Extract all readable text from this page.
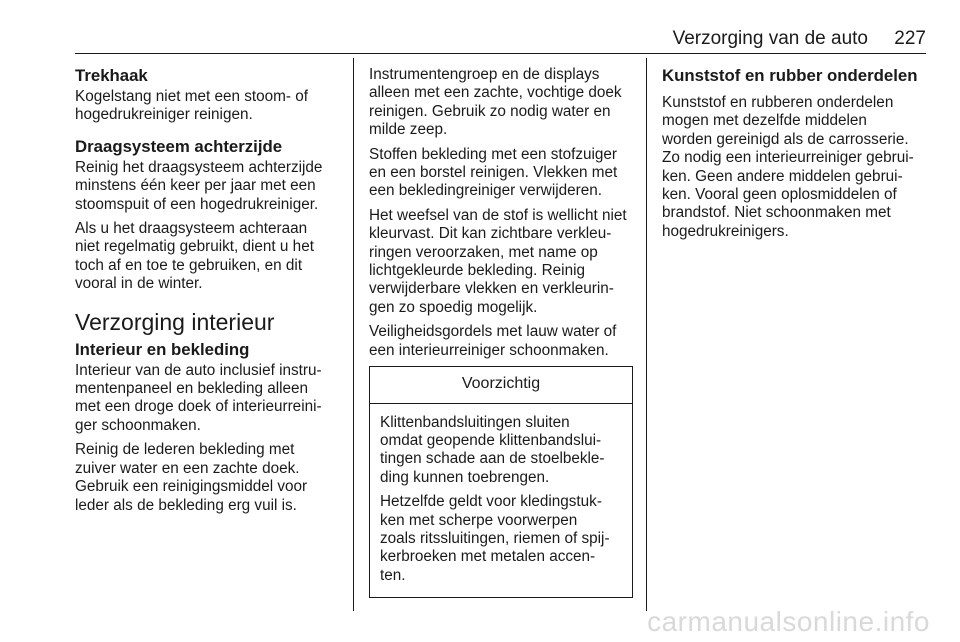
Verzorging van de auto 227
Trekhaak

Kogelstang niet met een stoom- of
hogedrukreiniger reinigen.

Draagsysteem achterzijde

Reinig het draagsysteem achterzijde
minstens één keer per jaar met een
stoomspuit of een hogedrukreiniger.

Als u het draagsysteem achteraan
niet regelmatig gebruikt, dient u het
toch af en toe te gebruiken, en dit
vooral in de winter.

Verzorging interieur
Interieur en bekleding

Interieur van de auto inclusief instru-
mentenpaneel en bekleding alleen
met een droge doek of interieurreini-
ger schoonmaken.

Reinig de lederen bekleding met
zuiver water en een zachte doek.
Gebruik een reinigingsmiddel voor
leder als de bekleding erg vuil is.

Instrumentengroep en de displays
alleen met een zachte, vochtige doek
reinigen. Gebruik zo nodig water en
milde zeep.

Stoffen bekleding met een stofzuiger
en een borstel reinigen. Vlekken met
een bekledingreiniger verwijderen.

Het weefsel van de stof is wellicht niet
kleurvast. Dit kan zichtbare verkleu-
ringen veroorzaken, met name op
lichtgekleurde bekleding. Reinig
verwijderbare vlekken en verkleurin-
gen zo spoedig mogelijk.

Veiligheidsgordels met lauw water of
een interieurreiniger schoonmaken.

Voorzichtig

Klittenbandsluitingen sluiten
omdat geopende klittenbandslui-
tingen schade aan de stoelbekle-
ding kunnen toebrengen.

Hetzelfde geldt voor kledingstuk-
ken met scherpe voorwerpen
zoals ritssluitingen, riemen of spij-
kerbroeken met metalen accen-
ten.

Kunststof en rubber onderdelen

Kunststof en rubberen onderdelen
mogen met dezelfde middelen
worden gereinigd als de carrosserie.
Zo nodig een interieurreiniger gebrui-
ken. Geen andere middelen gebrui-
ken. Vooral geen oplosmiddelen of
brandstof. Niet schoonmaken met
hogedrukreinigers.

carmanualsonline.info
